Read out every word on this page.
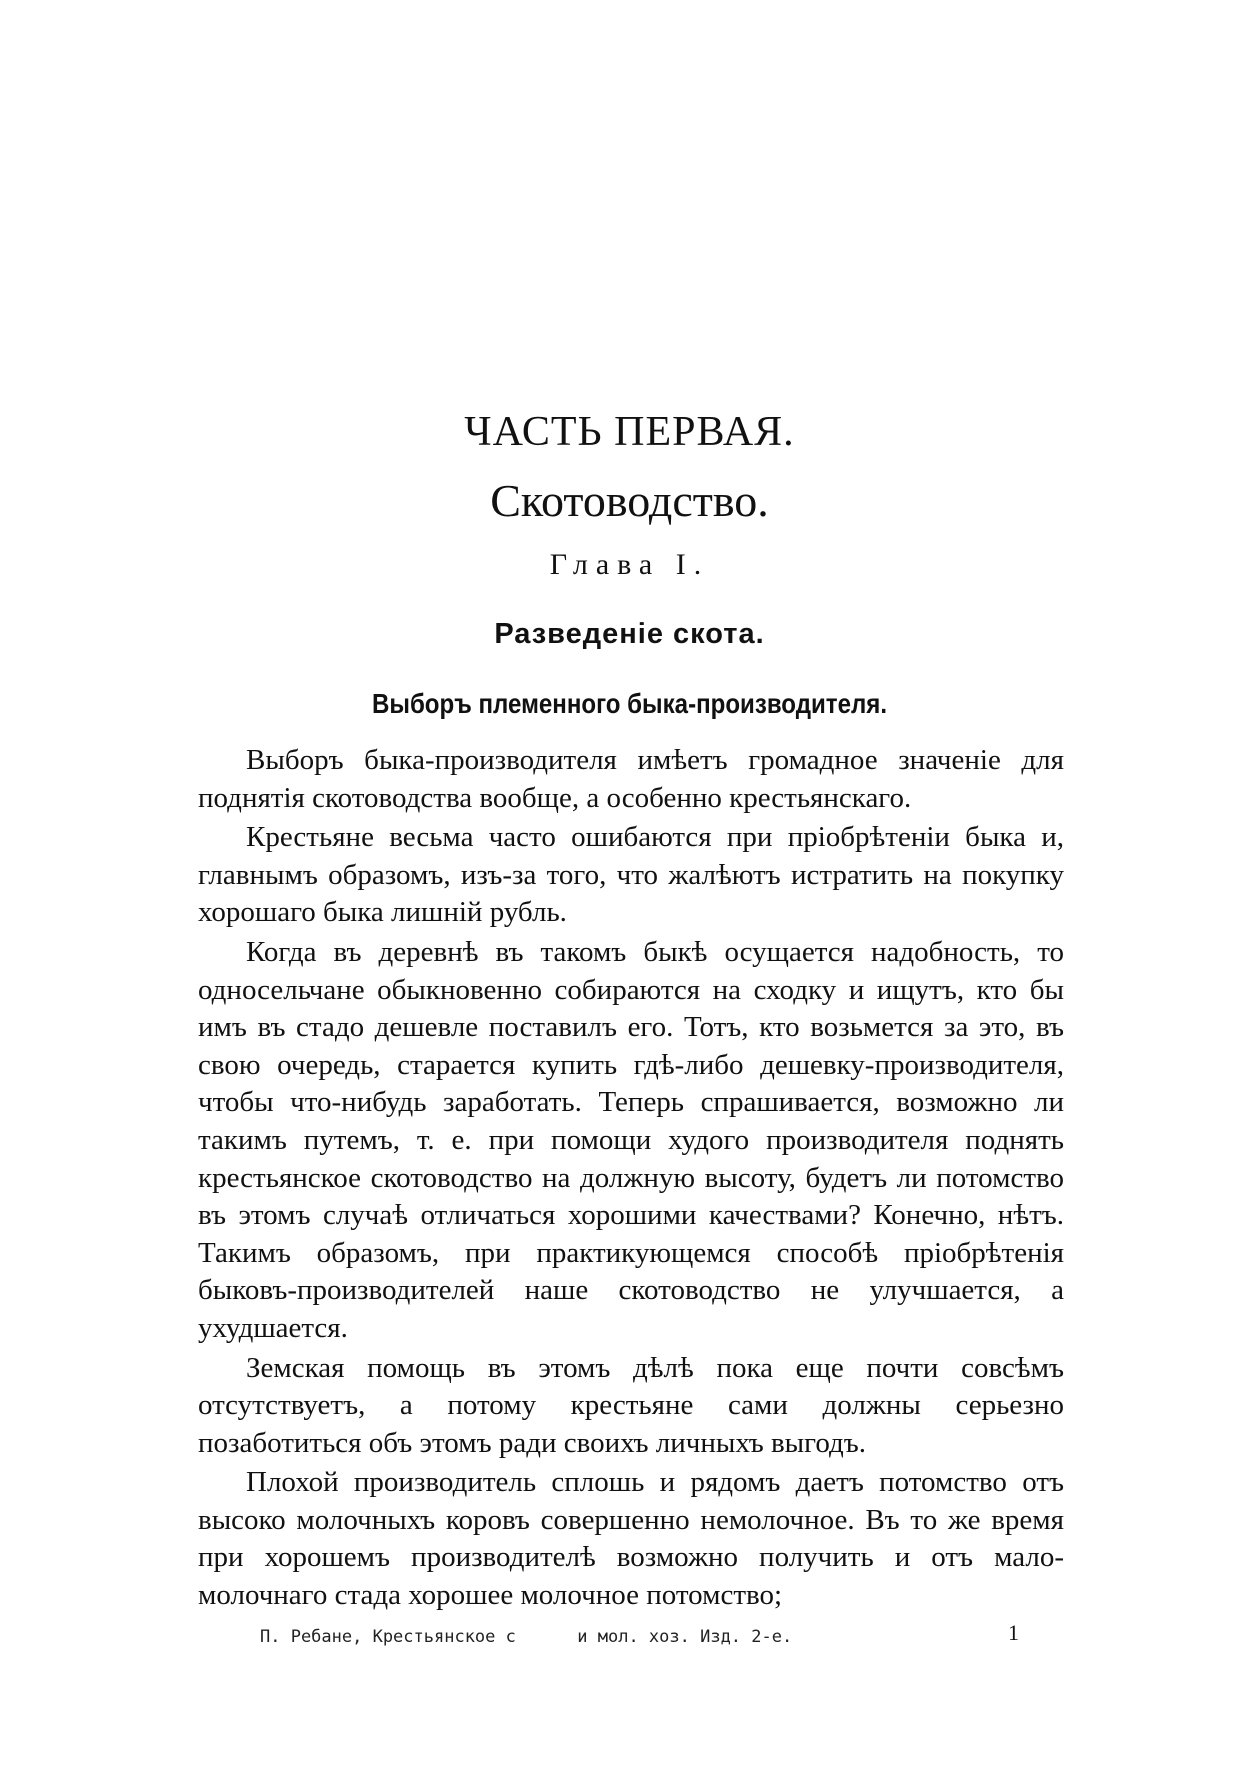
ЧАСТЬ ПЕРВАЯ.
Скотоводство.
Глава I.
Разведеніе скота.
Выборъ племенного быка-производителя.

Выборъ быка-производителя имѣетъ громадное значеніе для поднятія скотоводства вообще, а особенно крестьянскаго.

Крестьяне весьма часто ошибаются при пріобрѣтеніи быка и, главнымъ образомъ, изъ-за того, что жалѣютъ истратить на покупку хорошаго быка лишній рубль.

Когда въ деревнѣ въ такомъ быкѣ осущается надобность, то односельчане обыкновенно собираются на сходку и ищутъ, кто бы имъ въ стадо дешевле поставилъ его. Тотъ, кто возьмется за это, въ свою очередь, старается купить гдѣ-либо дешевку-производителя, чтобы что-нибудь заработать. Теперь спрашивается, возможно ли такимъ путемъ, т. е. при помощи худого производителя поднять крестьянское скотоводство на должную высоту, будетъ ли потомство въ этомъ случаѣ отличаться хорошими качествами? Конечно, нѣтъ. Такимъ образомъ, при практикующемся способѣ пріобрѣтенія быковъ-производителей наше скотоводство не улучшается, а ухудшается.

Земская помощь въ этомъ дѣлѣ пока еще почти совсѣмъ отсутствуетъ, а потому крестьяне сами должны серьезно позаботиться объ этомъ ради своихъ личныхъ выгодъ.

Плохой производитель сплошь и рядомъ даетъ потомство отъ высоко молочныхъ коровъ совершенно немолочное. Въ то же время при хорошемъ производителѣ возможно получить и отъ мало-молочнаго стада хорошее молочное потомство;

П. Ребане, Крестьянское с      и мол. хоз. Изд. 2-е.	1
